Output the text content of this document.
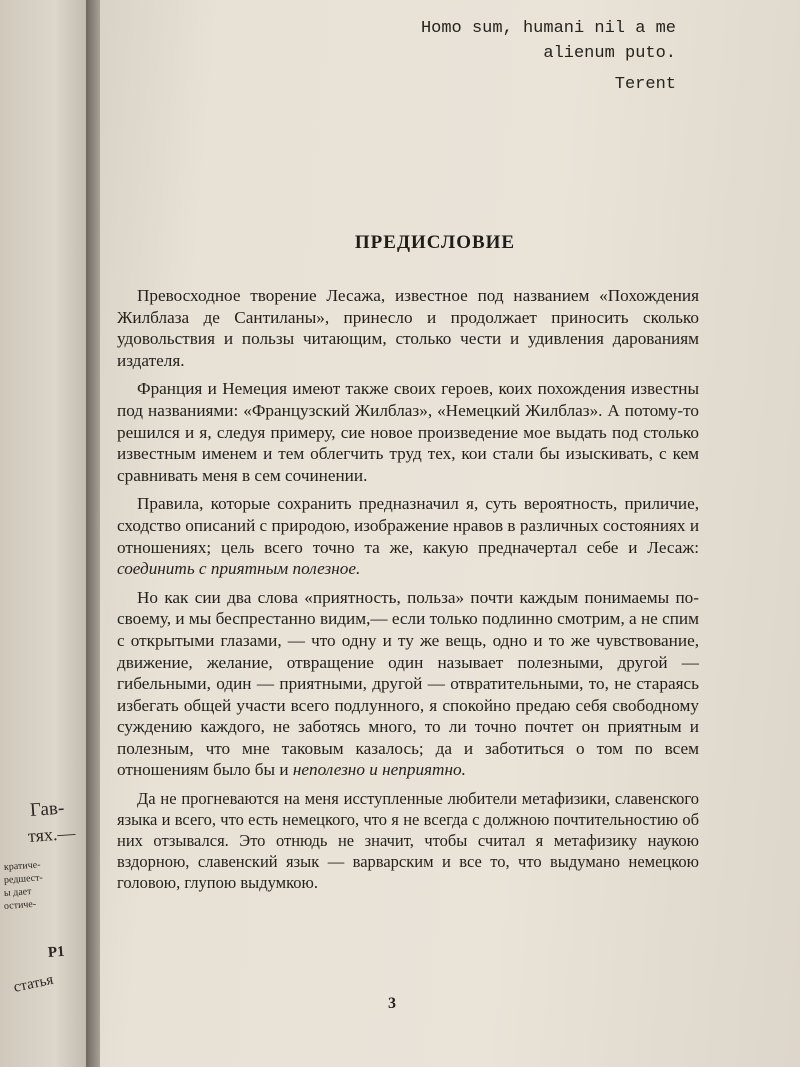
Гав-
тях.—
кратиче-
редшест-
ы дает
остиче-
Р1
статья
Homo sum, humani nil a me
alienum puto.
Terent
ПРЕДИСЛОВИЕ

Превосходное творение Лесажа, известное под названием «Похождения Жилблаза де Сантиланы», принесло и продолжает приносить сколько удовольствия и пользы читающим, столько чести и удивления дарованиям издателя.

Франция и Немеция имеют также своих героев, коих похождения известны под названиями: «Французский Жилблаз», «Немецкий Жилблаз». А потому-то решился и я, следуя примеру, сие новое произведение мое выдать под столько известным именем и тем облегчить труд тех, кои стали бы изыскивать, с кем сравнивать меня в сем сочинении.

Правила, которые сохранить предназначил я, суть вероятность, приличие, сходство описаний с природою, изображение нравов в различных состояниях и отношениях; цель всего точно та же, какую предначертал себе и Лесаж: соединить с приятным полезное.

Но как сии два слова «приятность, польза» почти каждым понимаемы по-своему, и мы беспрестанно видим,— если только подлинно смотрим, а не спим с открытыми глазами, — что одну и ту же вещь, одно и то же чувствование, движение, желание, отвращение один называет полезными, другой — гибельными, один — приятными, другой — отвратительными, то, не стараясь избегать общей участи всего подлунного, я спокойно предаю себя свободному суждению каждого, не заботясь много, то ли точно почтет он приятным и полезным, что мне таковым казалось; да и заботиться о том по всем отношениям было бы и неполезно и неприятно.

Да не прогневаются на меня исступленные любители метафизики, славенского языка и всего, что есть немецкого, что я не всегда с должною почтительностию об них отзывался. Это отнюдь не значит, чтобы считал я метафизику наукою вздорною, славенский язык — варварским и все то, что выдумано немецкою головою, глупою выдумкою.

3
